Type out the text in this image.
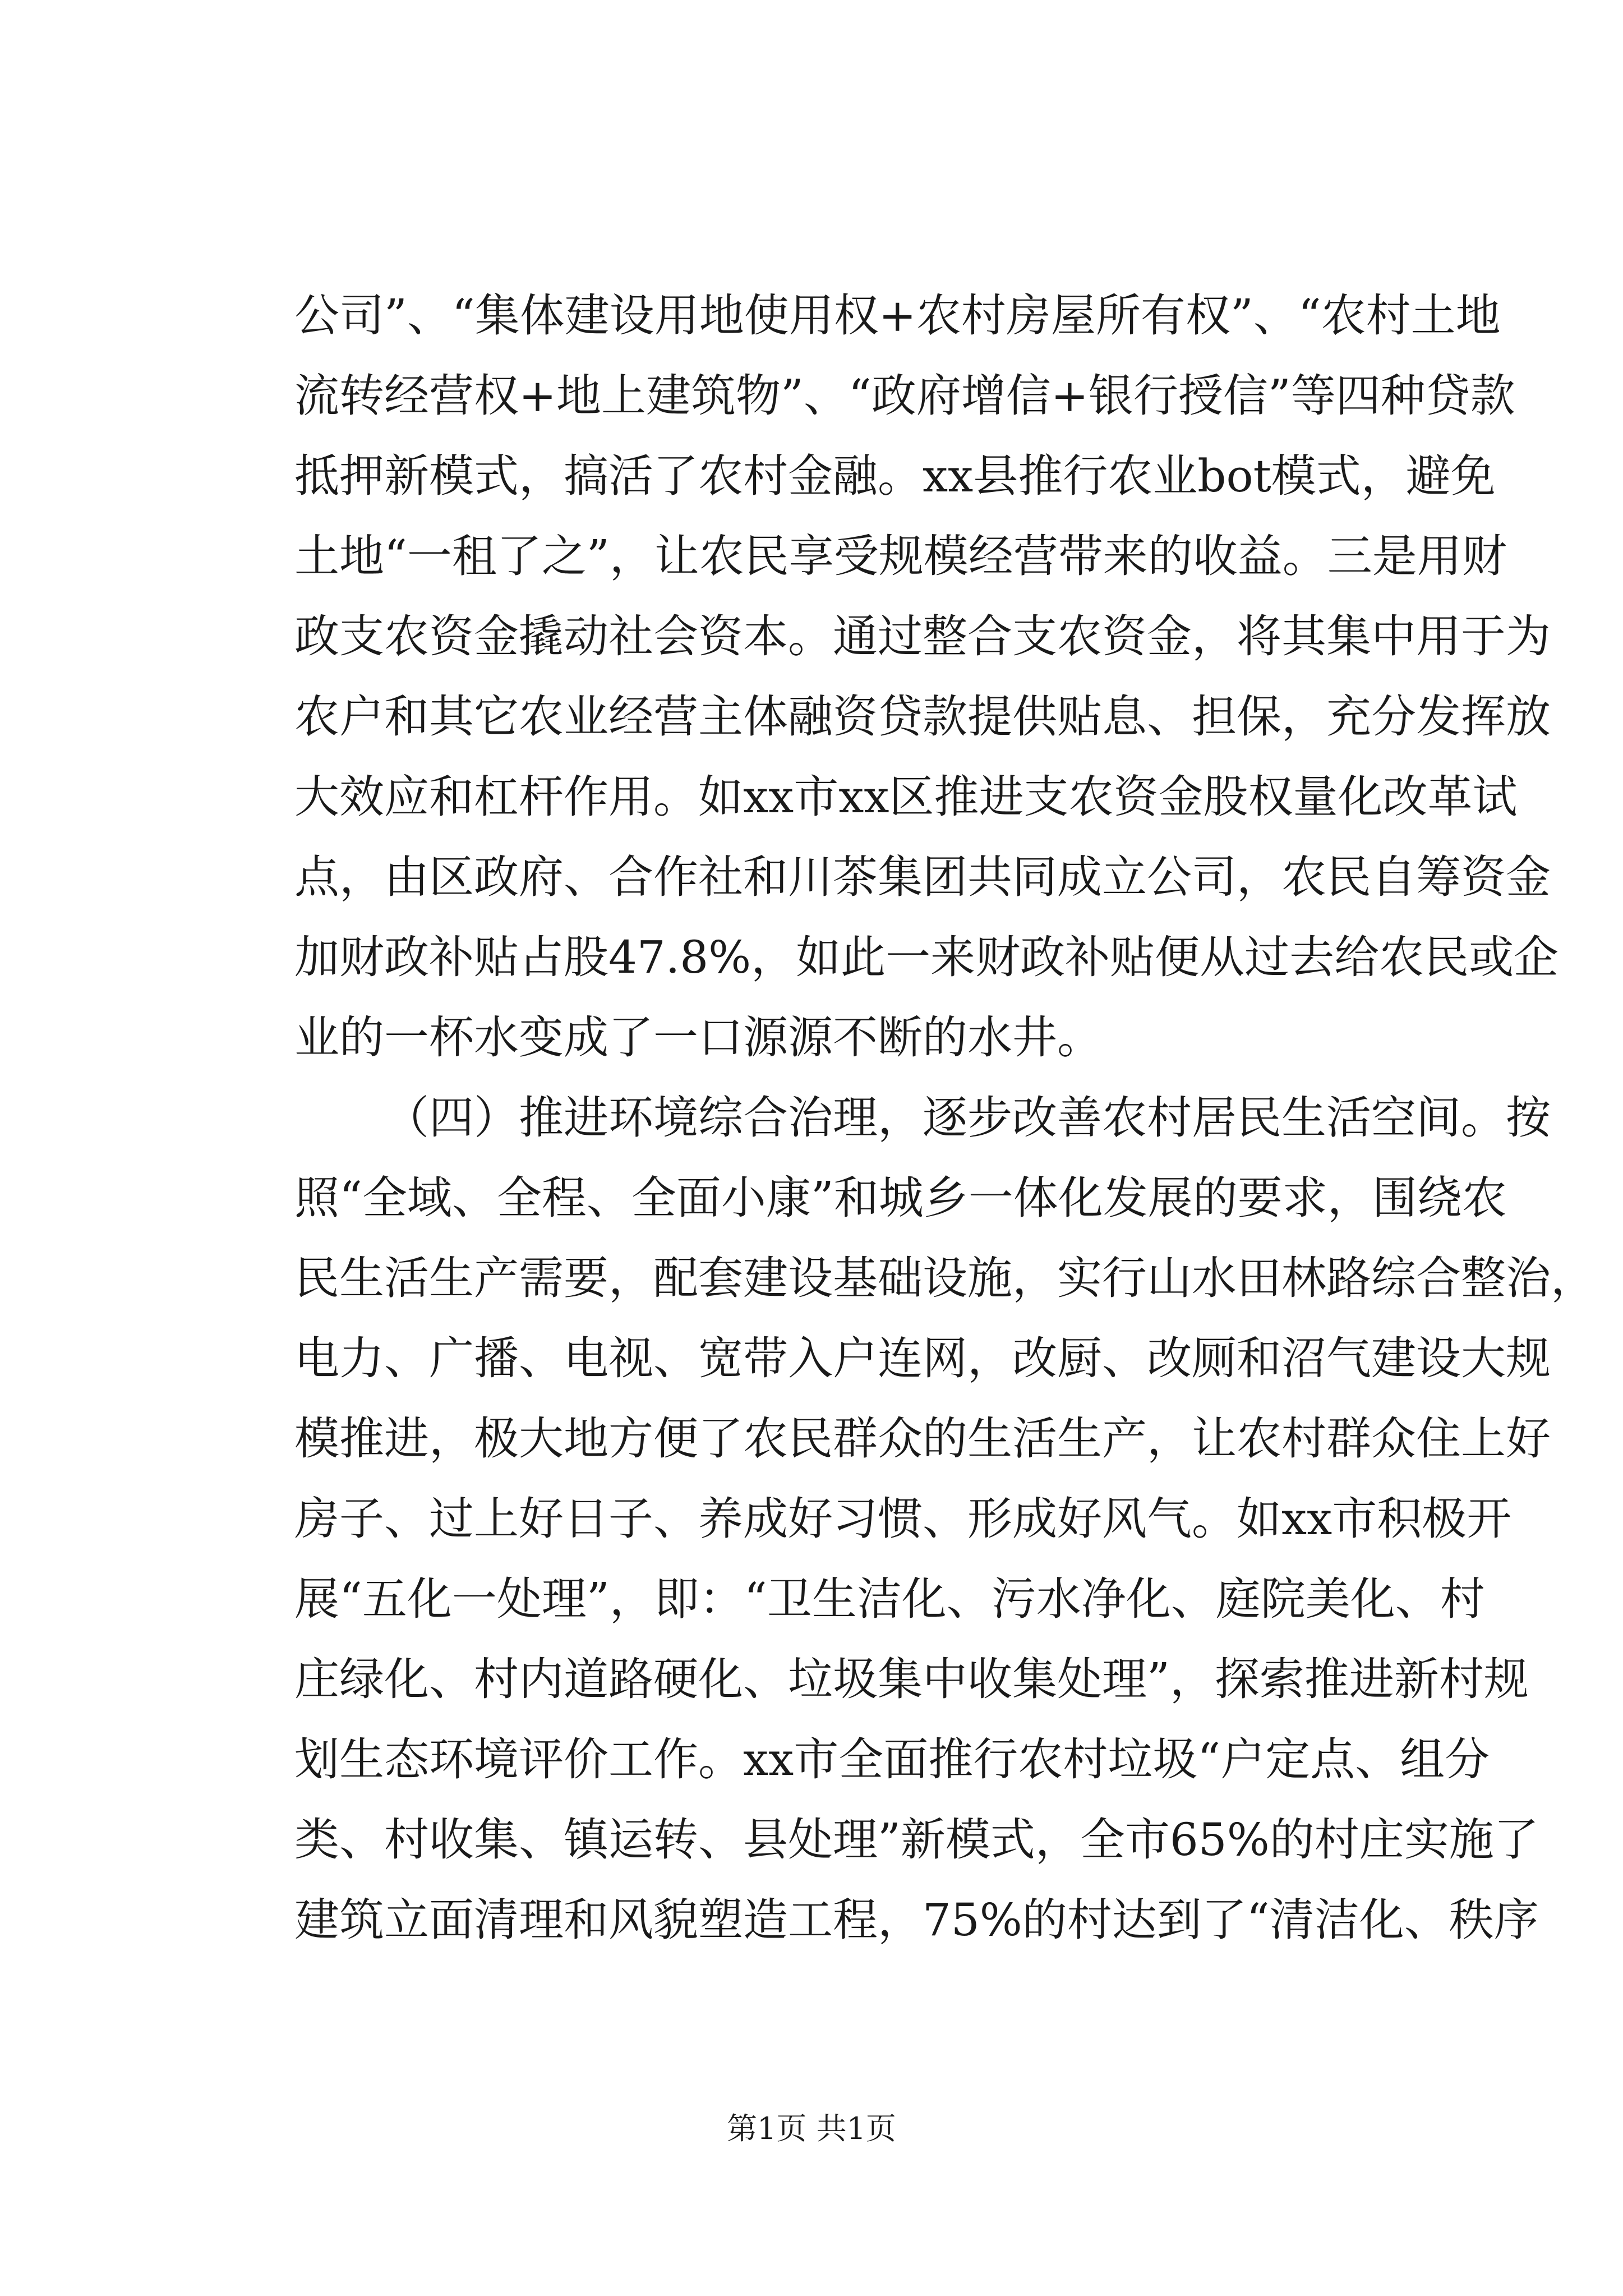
公司”、“集体建设用地使用权+农村房屋所有权”、“农村土地
流转经营权+地上建筑物”、“政府增信+银行授信”等四种贷款
抵押新模式，搞活了农村金融。xx县推行农业bot模式，避免
土地“一租了之”，让农民享受规模经营带来的收益。三是用财
政支农资金撬动社会资本。通过整合支农资金，将其集中用于为
农户和其它农业经营主体融资贷款提供贴息、担保，充分发挥放
大效应和杠杆作用。如xx市xx区推进支农资金股权量化改革试
点，由区政府、合作社和川茶集团共同成立公司，农民自筹资金
加财政补贴占股47.8%，如此一来财政补贴便从过去给农民或企
业的一杯水变成了一口源源不断的水井。
（四）推进环境综合治理，逐步改善农村居民生活空间。按
照“全域、全程、全面小康”和城乡一体化发展的要求，围绕农
民生活生产需要，配套建设基础设施，实行山水田林路综合整治，
电力、广播、电视、宽带入户连网，改厨、改厕和沼气建设大规
模推进，极大地方便了农民群众的生活生产，让农村群众住上好
房子、过上好日子、养成好习惯、形成好风气。如xx市积极开
展“五化一处理”，即：“卫生洁化、污水净化、庭院美化、村
庄绿化、村内道路硬化、垃圾集中收集处理”，探索推进新村规
划生态环境评价工作。xx市全面推行农村垃圾“户定点、组分
类、村收集、镇运转、县处理”新模式，全市65%的村庄实施了
建筑立面清理和风貌塑造工程，75%的村达到了“清洁化、秩序
第1页 共1页
